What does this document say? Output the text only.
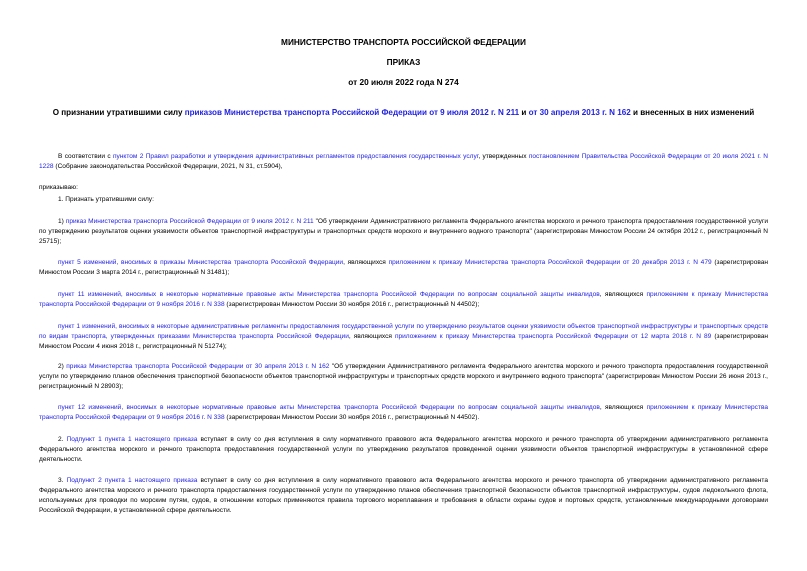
МИНИСТЕРСТВО ТРАНСПОРТА РОССИЙСКОЙ ФЕДЕРАЦИИ
ПРИКАЗ
от 20 июля 2022 года N 274
О признании утратившими силу приказов Министерства транспорта Российской Федерации от 9 июля 2012 г. N 211 и от 30 апреля 2013 г. N 162 и внесенных в них изменений
В соответствии с пунктом 2 Правил разработки и утверждения административных регламентов предоставления государственных услуг, утвержденных постановлением Правительства Российской Федерации от 20 июля 2021 г. N 1228 (Собрание законодательства Российской Федерации, 2021, N 31, ст.5904),
приказываю:
1. Признать утратившими силу:
1) приказ Министерства транспорта Российской Федерации от 9 июля 2012 г. N 211 "Об утверждении Административного регламента Федерального агентства морского и речного транспорта предоставления государственной услуги по утверждению результатов оценки уязвимости объектов транспортной инфраструктуры и транспортных средств морского и внутреннего водного транспорта" (зарегистрирован Минюстом России 24 октября 2012 г., регистрационный N 25715);
пункт 5 изменений, вносимых в приказы Министерства транспорта Российской Федерации, являющихся приложением к приказу Министерства транспорта Российской Федерации от 20 декабря 2013 г. N 479 (зарегистрирован Минюстом России 3 марта 2014 г., регистрационный N 31481);
пункт 11 изменений, вносимых в некоторые нормативные правовые акты Министерства транспорта Российской Федерации по вопросам социальной защиты инвалидов, являющихся приложением к приказу Министерства транспорта Российской Федерации от 9 ноября 2016 г. N 338 (зарегистрирован Минюстом России 30 ноября 2016 г., регистрационный N 44502);
пункт 1 изменений, вносимых в некоторые административные регламенты предоставления государственной услуги по утверждению результатов оценки уязвимости объектов транспортной инфраструктуры и транспортных средств по видам транспорта, утвержденных приказами Министерства транспорта Российской Федерации, являющихся приложением к приказу Министерства транспорта Российской Федерации от 12 марта 2018 г. N 89 (зарегистрирован Минюстом России 4 июня 2018 г., регистрационный N 51274);
2) приказ Министерства транспорта Российской Федерации от 30 апреля 2013 г. N 162 "Об утверждении Административного регламента Федерального агентства морского и речного транспорта предоставления государственной услуги по утверждению планов обеспечения транспортной безопасности объектов транспортной инфраструктуры и транспортных средств морского и внутреннего водного транспорта" (зарегистрирован Минюстом России 26 июня 2013 г., регистрационный N 28903);
пункт 12 изменений, вносимых в некоторые нормативные правовые акты Министерства транспорта Российской Федерации по вопросам социальной защиты инвалидов, являющихся приложением к приказу Министерства транспорта Российской Федерации от 9 ноября 2016 г. N 338 (зарегистрирован Минюстом России 30 ноября 2016 г., регистрационный N 44502).
2. Подпункт 1 пункта 1 настоящего приказа вступает в силу со дня вступления в силу нормативного правового акта Федерального агентства морского и речного транспорта об утверждении административного регламента Федерального агентства морского и речного транспорта предоставления государственной услуги по утверждению результатов проведенной оценки уязвимости объектов транспортной инфраструктуры в установленной сфере деятельности.
3. Подпункт 2 пункта 1 настоящего приказа вступает в силу со дня вступления в силу нормативного правового акта Федерального агентства морского и речного транспорта об утверждении административного регламента Федерального агентства морского и речного транспорта предоставления государственной услуги по утверждению планов обеспечения транспортной безопасности объектов транспортной инфраструктуры, судов ледокольного флота, используемых для проводки по морским путям, судов, в отношении которых применяются правила торгового мореплавания и требования в области охраны судов и портовых средств, установленные международными договорами Российской Федерации, в установленной сфере деятельности.
